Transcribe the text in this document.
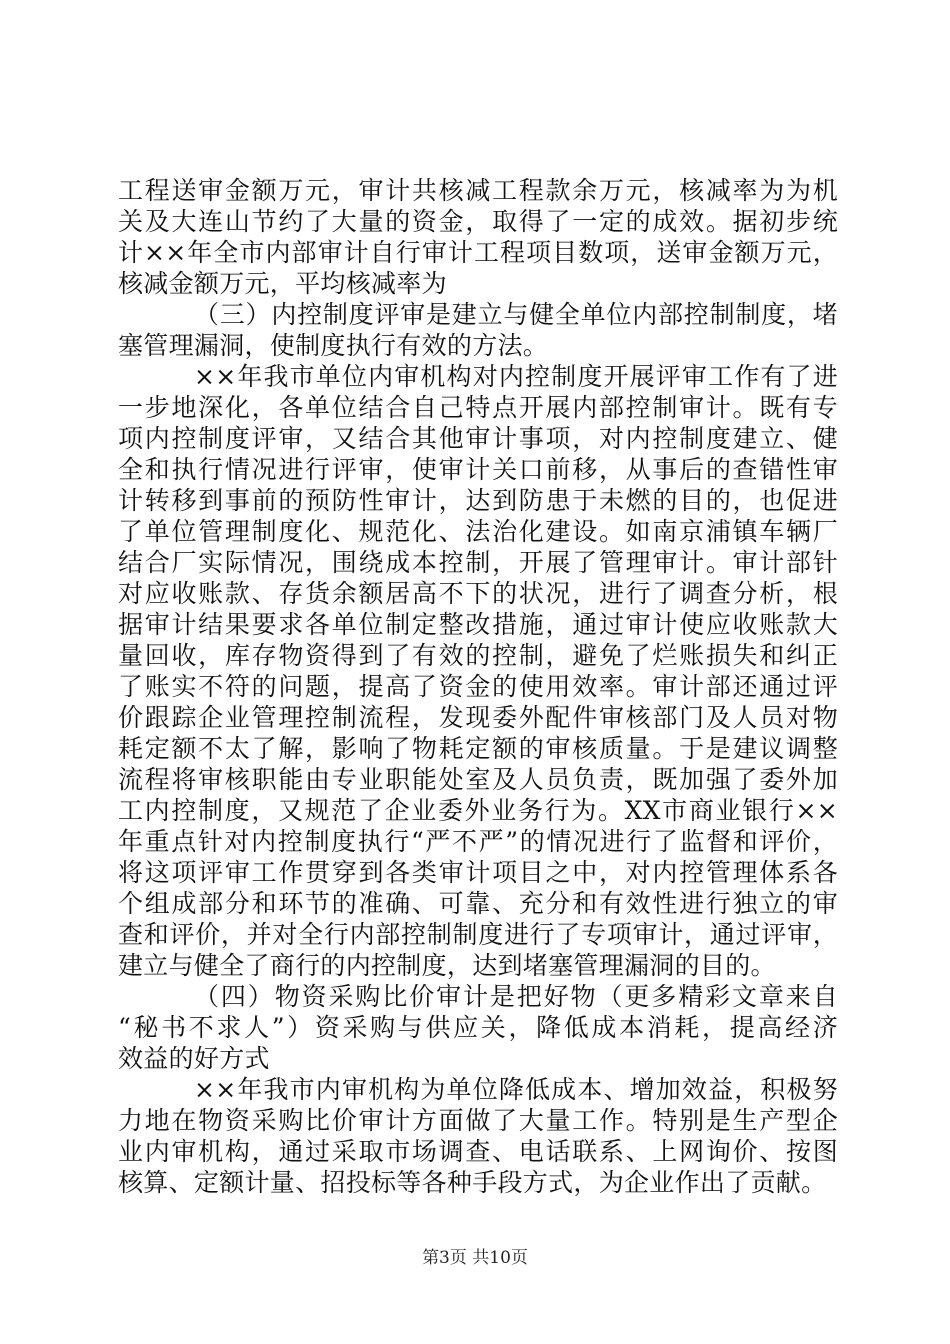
工程送审金额万元，审计共核减工程款余万元，核减率为为机
关及大连山节约了大量的资金，取得了一定的成效。据初步统
计××年全市内部审计自行审计工程项目数项，送审金额万元，
核减金额万元，平均核减率为
（三）内控制度评审是建立与健全单位内部控制制度，堵
塞管理漏洞，使制度执行有效的方法。
××年我市单位内审机构对内控制度开展评审工作有了进
一步地深化，各单位结合自己特点开展内部控制审计。既有专
项内控制度评审，又结合其他审计事项，对内控制度建立、健
全和执行情况进行评审，使审计关口前移，从事后的查错性审
计转移到事前的预防性审计，达到防患于未燃的目的，也促进
了单位管理制度化、规范化、法治化建设。如南京浦镇车辆厂
结合厂实际情况，围绕成本控制，开展了管理审计。审计部针
对应收账款、存货余额居高不下的状况，进行了调查分析，根
据审计结果要求各单位制定整改措施，通过审计使应收账款大
量回收，库存物资得到了有效的控制，避免了烂账损失和纠正
了账实不符的问题，提高了资金的使用效率。审计部还通过评
价跟踪企业管理控制流程，发现委外配件审核部门及人员对物
耗定额不太了解，影响了物耗定额的审核质量。于是建议调整
流程将审核职能由专业职能处室及人员负责，既加强了委外加
工内控制度，又规范了企业委外业务行为。XX市商业银行××
年重点针对内控制度执行“严不严”的情况进行了监督和评价，
将这项评审工作贯穿到各类审计项目之中，对内控管理体系各
个组成部分和环节的准确、可靠、充分和有效性进行独立的审
查和评价，并对全行内部控制制度进行了专项审计，通过评审，
建立与健全了商行的内控制度，达到堵塞管理漏洞的目的。
（四）物资采购比价审计是把好物（更多精彩文章来自
“秘书不求人”）资采购与供应关，降低成本消耗，提高经济
效益的好方式
××年我市内审机构为单位降低成本、增加效益，积极努
力地在物资采购比价审计方面做了大量工作。特别是生产型企
业内审机构，通过采取市场调查、电话联系、上网询价、按图
核算、定额计量、招投标等各种手段方式，为企业作出了贡献。
第3页 共10页
